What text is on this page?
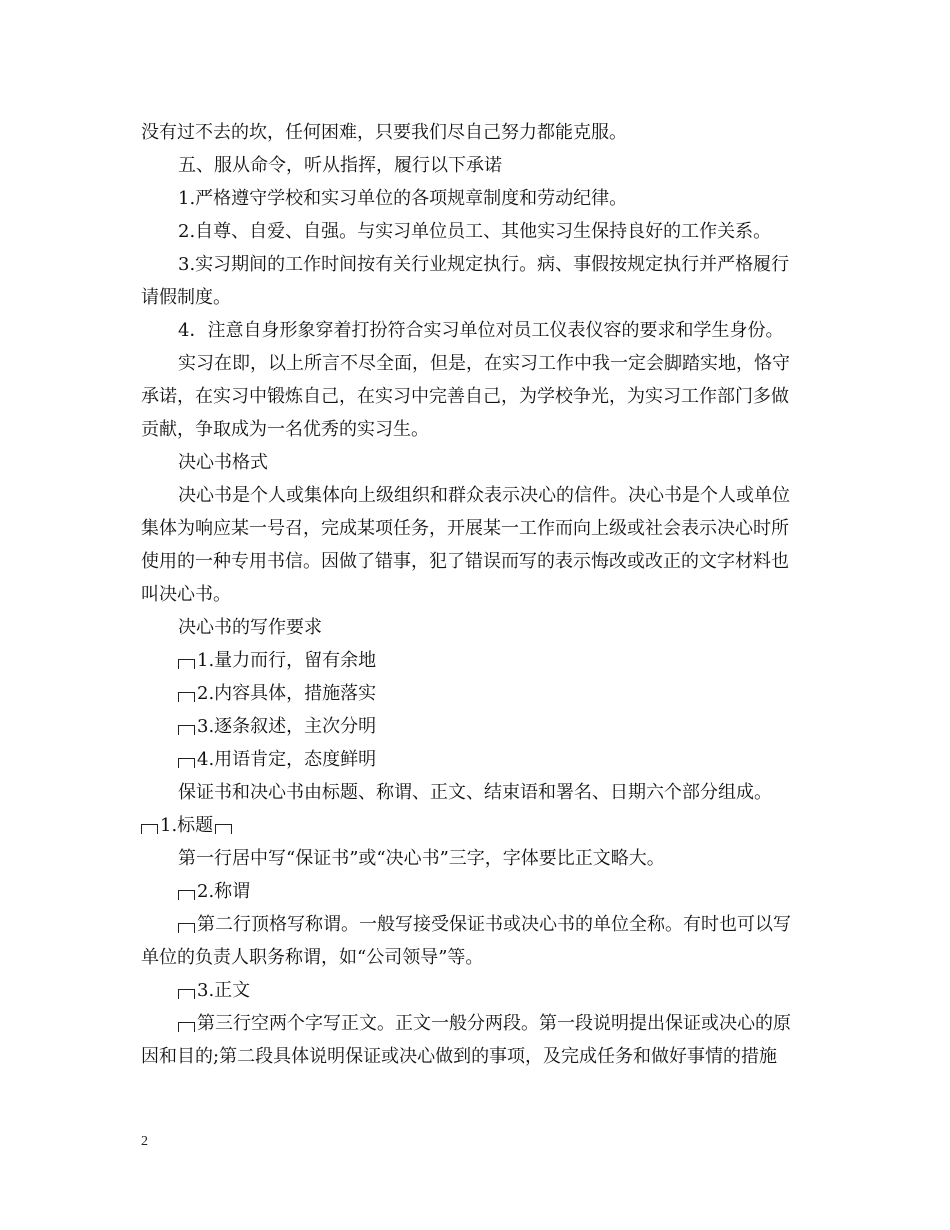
没有过不去的坎，任何困难，只要我们尽自己努力都能克服。
五、服从命令，听从指挥，履行以下承诺
1.严格遵守学校和实习单位的各项规章制度和劳动纪律。
2.自尊、自爱、自强。与实习单位员工、其他实习生保持良好的工作关系。
3.实习期间的工作时间按有关行业规定执行。病、事假按规定执行并严格履行
请假制度。
4．注意自身形象穿着打扮符合实习单位对员工仪表仪容的要求和学生身份。
实习在即，以上所言不尽全面，但是，在实习工作中我一定会脚踏实地，恪守
承诺，在实习中锻炼自己，在实习中完善自己，为学校争光，为实习工作部门多做
贡献，争取成为一名优秀的实习生。
决心书格式
决心书是个人或集体向上级组织和群众表示决心的信件。决心书是个人或单位
集体为响应某一号召，完成某项任务，开展某一工作而向上级或社会表示决心时所
使用的一种专用书信。因做了错事，犯了错误而写的表示悔改或改正的文字材料也
叫决心书。
决心书的写作要求
1.量力而行，留有余地
2.内容具体，措施落实
3.逐条叙述，主次分明
4.用语肯定，态度鲜明
保证书和决心书由标题、称谓、正文、结束语和署名、日期六个部分组成。
1.标题
第一行居中写“保证书”或“决心书”三字，字体要比正文略大。
2.称谓
第二行顶格写称谓。一般写接受保证书或决心书的单位全称。有时也可以写
单位的负责人职务称谓，如“公司领导”等。
3.正文
第三行空两个字写正文。正文一般分两段。第一段说明提出保证或决心的原
因和目的;第二段具体说明保证或决心做到的事项，及完成任务和做好事情的措施
2
